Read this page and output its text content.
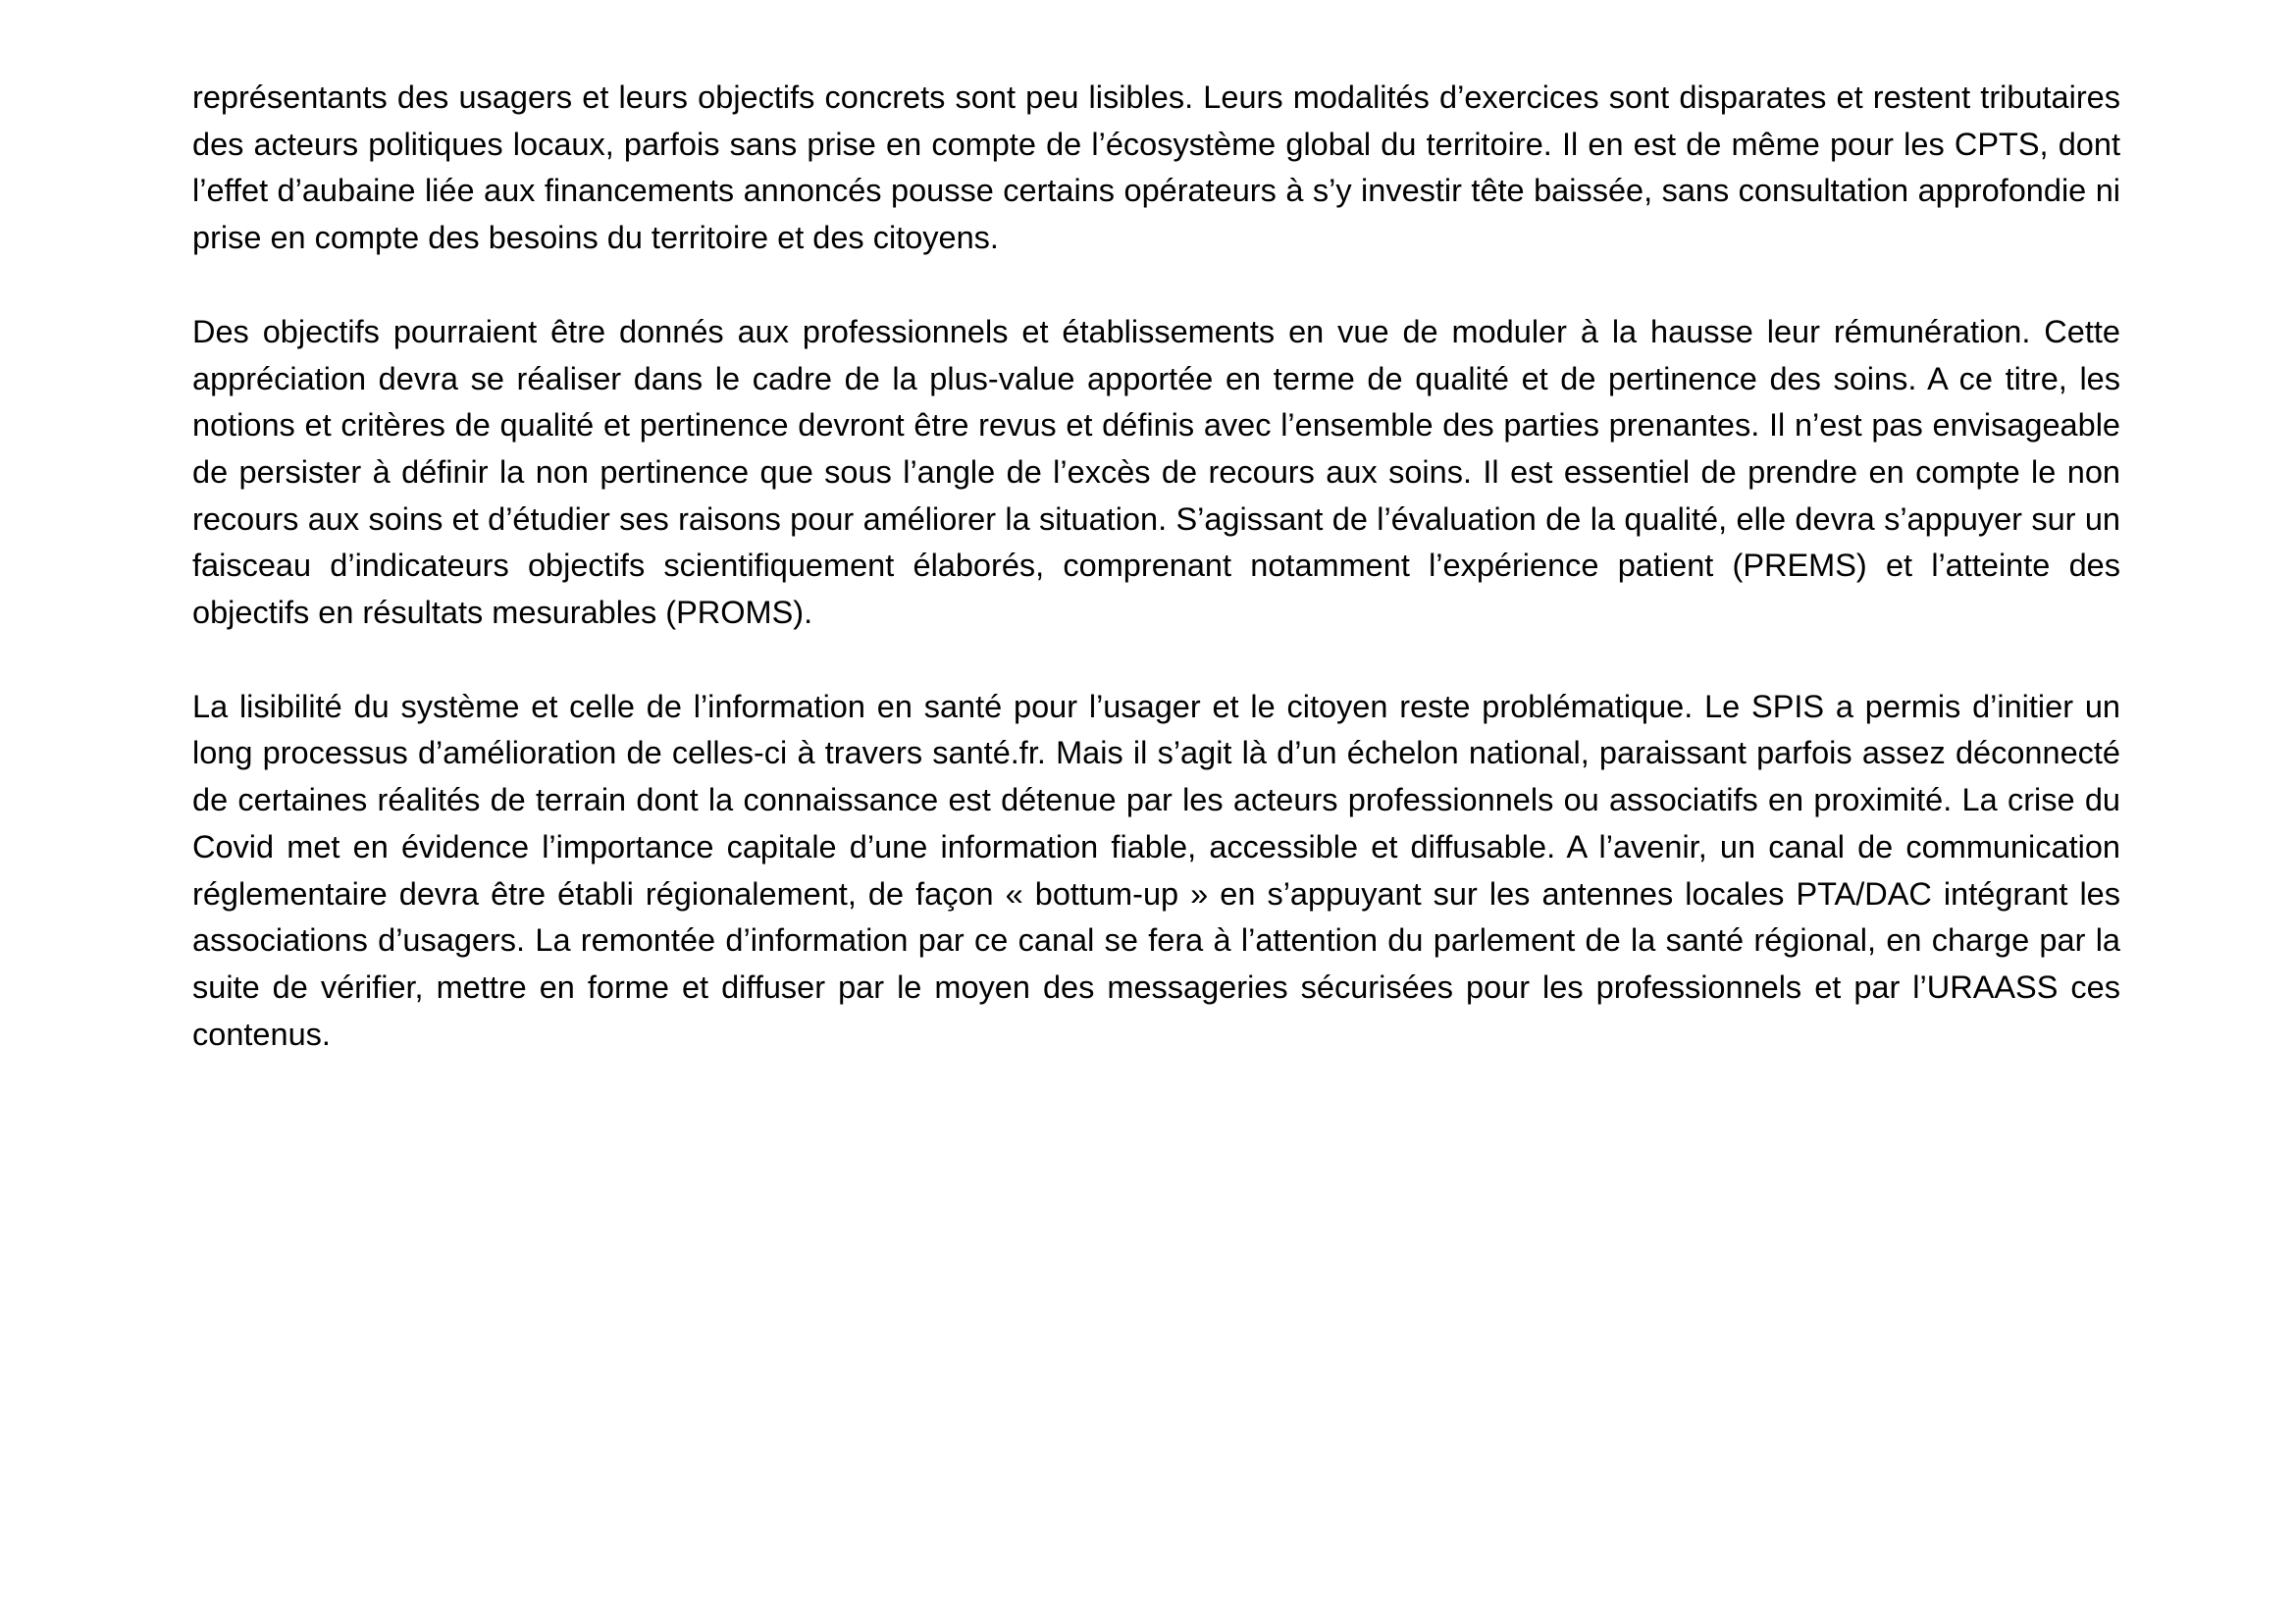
représentants des usagers et leurs objectifs concrets sont peu lisibles. Leurs modalités d’exercices sont disparates et restent tributaires des acteurs politiques locaux, parfois sans prise en compte de l’écosystème global du territoire. Il en est de même pour les CPTS, dont l’effet d’aubaine liée aux financements annoncés pousse certains opérateurs à s’y investir tête baissée, sans consultation approfondie ni prise en compte des besoins du territoire et des citoyens.

Des objectifs pourraient être donnés aux professionnels et établissements en vue de moduler à la hausse leur rémunération. Cette appréciation devra se réaliser dans le cadre de la plus-value apportée en terme de qualité et de pertinence des soins. A ce titre, les notions et critères de qualité et pertinence devront être revus et définis avec l’ensemble des parties prenantes. Il n’est pas envisageable de persister à définir la non pertinence que sous l’angle de l’excès de recours aux soins. Il est essentiel de prendre en compte le non recours aux soins et d’étudier ses raisons pour améliorer la situation. S’agissant de l’évaluation de la qualité, elle devra s’appuyer sur un faisceau d’indicateurs objectifs scientifiquement élaborés, comprenant notamment l’expérience patient (PREMS) et l’atteinte des objectifs en résultats mesurables (PROMS).

La lisibilité du système et celle de l’information en santé pour l’usager et le citoyen reste problématique. Le SPIS a permis d’initier un long processus d’amélioration de celles-ci à travers santé.fr. Mais il s’agit là d’un échelon national, paraissant parfois assez déconnecté de certaines réalités de terrain dont la connaissance est détenue par les acteurs professionnels ou associatifs en proximité. La crise du Covid met en évidence l’importance capitale d’une information fiable, accessible et diffusable. A l’avenir, un canal de communication réglementaire devra être établi régionalement, de façon « bottum-up » en s’appuyant sur les antennes locales PTA/DAC intégrant les associations d’usagers. La remontée d’information par ce canal se fera à l’attention du parlement de la santé régional, en charge par la suite de vérifier, mettre en forme et diffuser par le moyen des messageries sécurisées pour les professionnels et par l’URAASS ces contenus.
